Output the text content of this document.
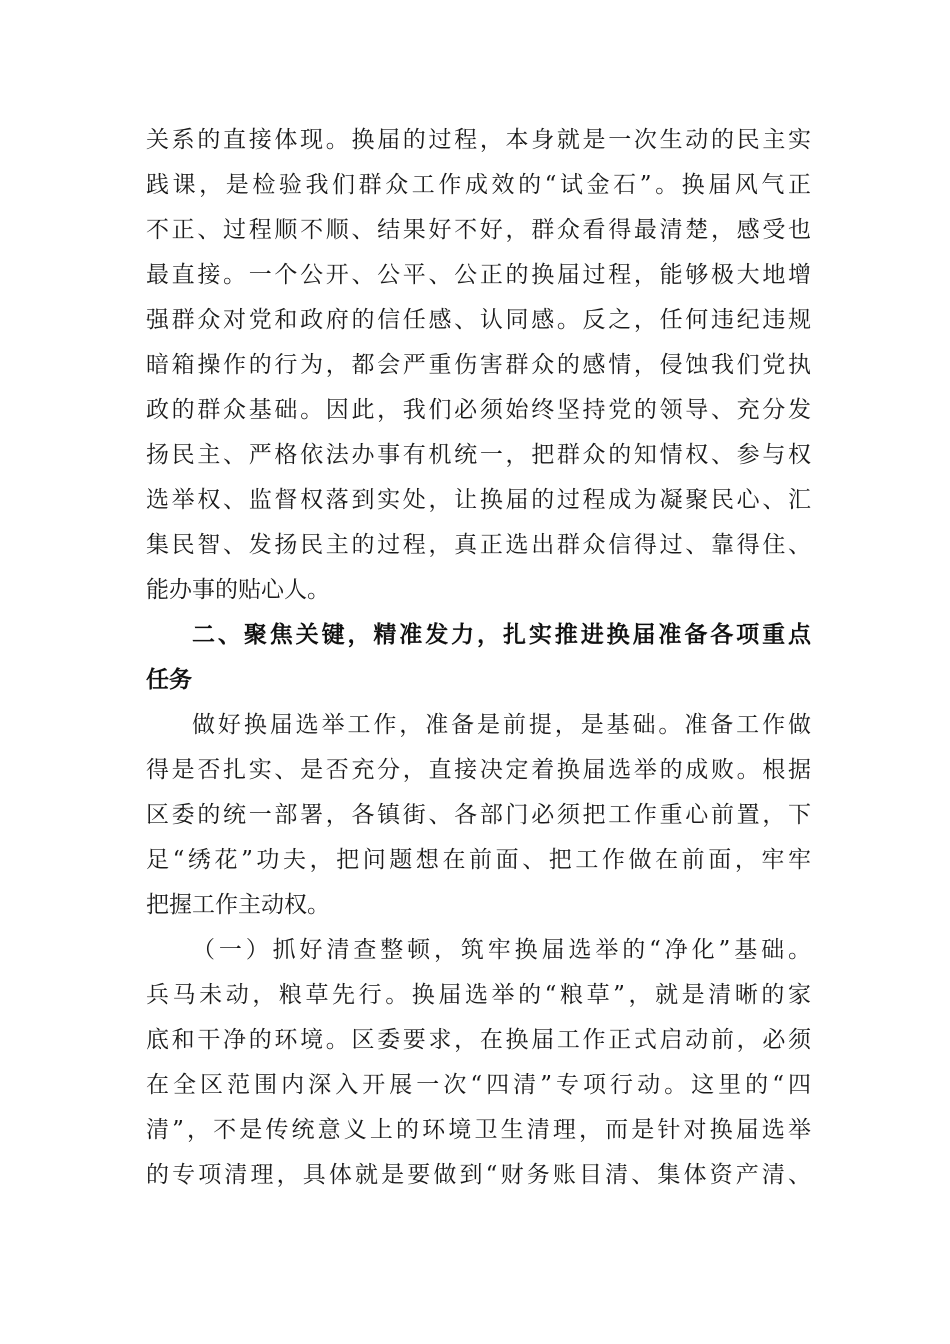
关系的直接体现。换届的过程，本身就是一次生动的民主实
践课，是检验我们群众工作成效的“试金石”。换届风气正
不正、过程顺不顺、结果好不好，群众看得最清楚，感受也
最直接。一个公开、公平、公正的换届过程，能够极大地增
强群众对党和政府的信任感、认同感。反之，任何违纪违规
暗箱操作的行为，都会严重伤害群众的感情，侵蚀我们党执
政的群众基础。因此，我们必须始终坚持党的领导、充分发
扬民主、严格依法办事有机统一，把群众的知情权、参与权
选举权、监督权落到实处，让换届的过程成为凝聚民心、汇
集民智、发扬民主的过程，真正选出群众信得过、靠得住、
能办事的贴心人。
二、聚焦关键，精准发力，扎实推进换届准备各项重点
任务
做好换届选举工作，准备是前提，是基础。准备工作做
得是否扎实、是否充分，直接决定着换届选举的成败。根据
区委的统一部署，各镇街、各部门必须把工作重心前置，下
足“绣花”功夫，把问题想在前面、把工作做在前面，牢牢
把握工作主动权。
（一）抓好清查整顿，筑牢换届选举的“净化”基础。
兵马未动，粮草先行。换届选举的“粮草”，就是清晰的家
底和干净的环境。区委要求，在换届工作正式启动前，必须
在全区范围内深入开展一次“四清”专项行动。这里的“四
清”，不是传统意义上的环境卫生清理，而是针对换届选举
的专项清理，具体就是要做到“财务账目清、集体资产清、
